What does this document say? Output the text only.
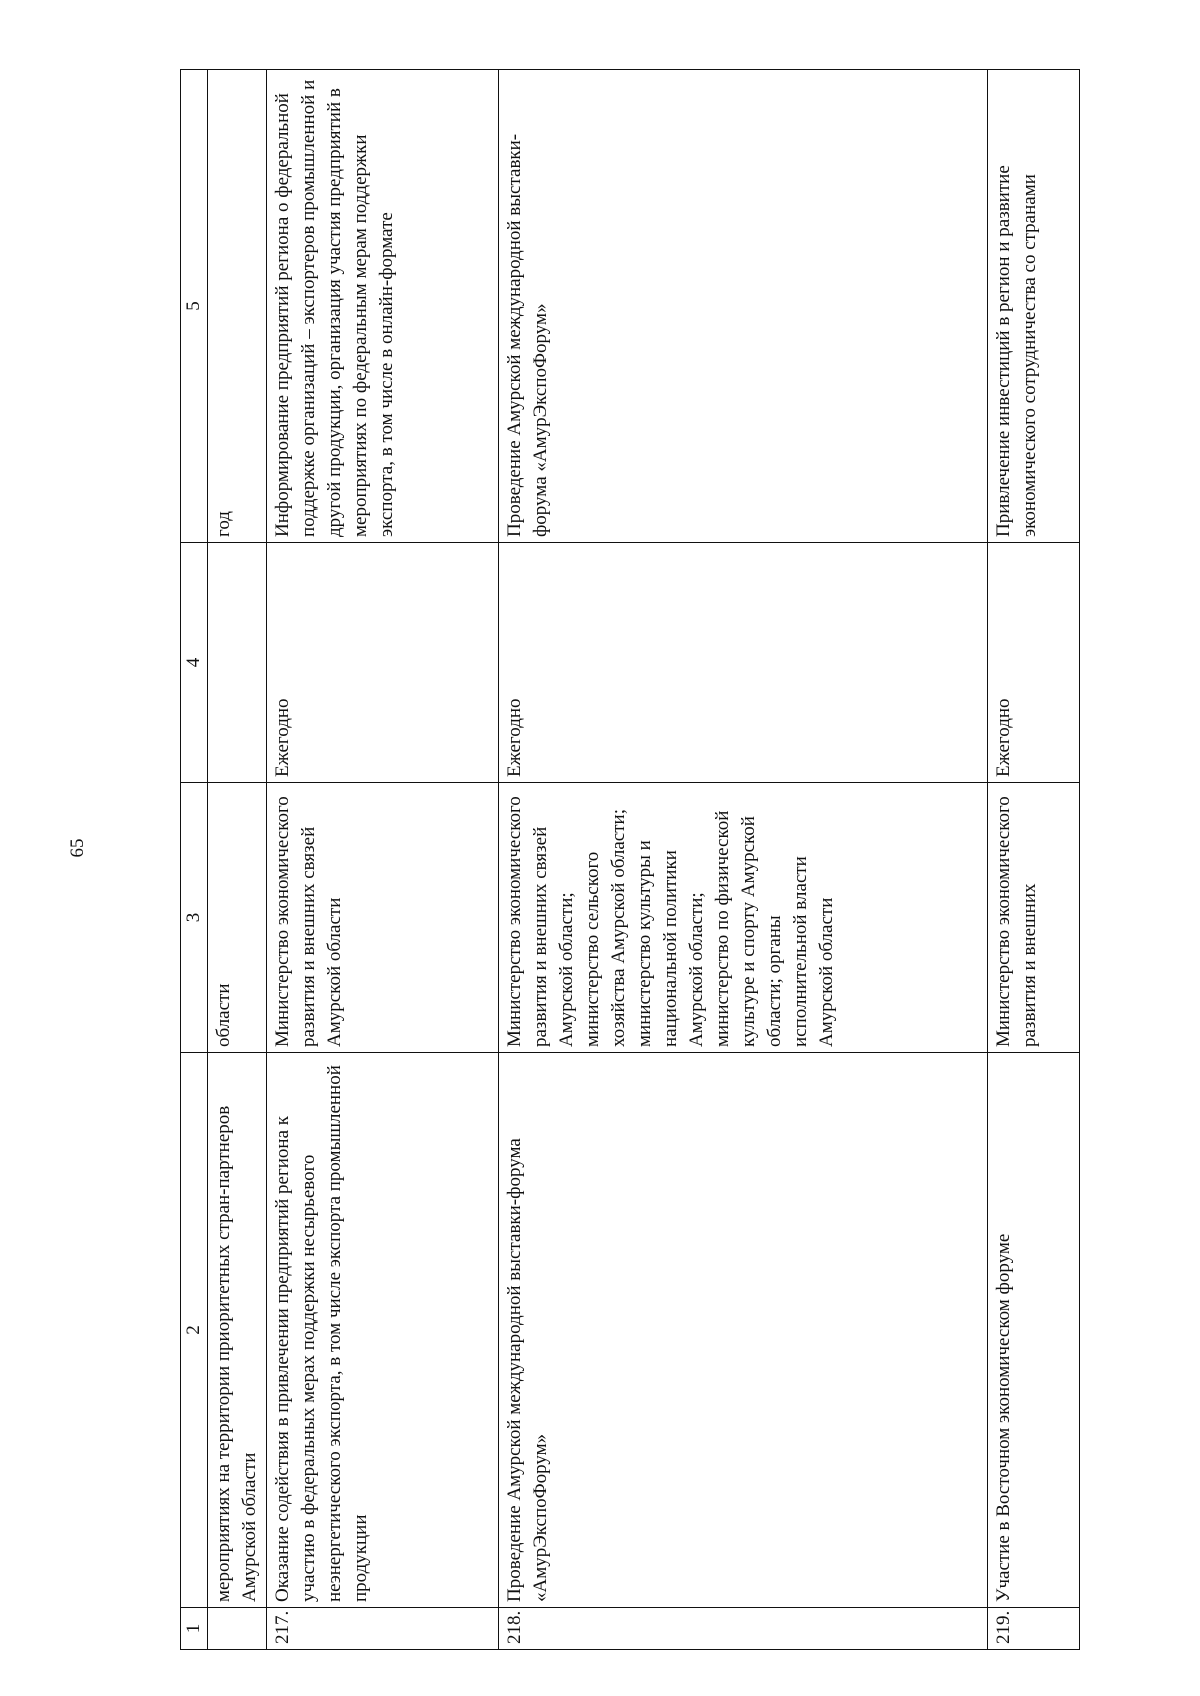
65
1	2	3	4	5
	мероприятиях на территории приоритетных стран-партнеров Амурской области	области		год
217.	Оказание содействия в привлечении предприятий региона к участию в федеральных мерах поддержки несырьевого неэнергетического экспорта, в том числе экспорта промышленной продукции	Министерство экономического развития и внешних связей Амурской области	Ежегодно	Информирование предприятий региона о федеральной поддержке организаций – экспортеров промышленной и другой продукции, организация участия предприятий в мероприятиях по федеральным мерам поддержки экспорта, в том числе в онлайн-формате
218.	Проведение Амурской международной выставки-форума «АмурЭкспоФорум»	Министерство экономического развития и внешних связей Амурской области; министерство сельского хозяйства Амурской области; министерство культуры и национальной политики Амурской области; министерство по физической культуре и спорту Амурской области; органы исполнительной власти Амурской области	Ежегодно	Проведение Амурской международной выставки-форума «АмурЭкспоФорум»
219.	Участие в Восточном экономическом форуме	Министерство экономического развития и внешних	Ежегодно	Привлечение инвестиций в регион и развитие экономического сотрудничества со странами
